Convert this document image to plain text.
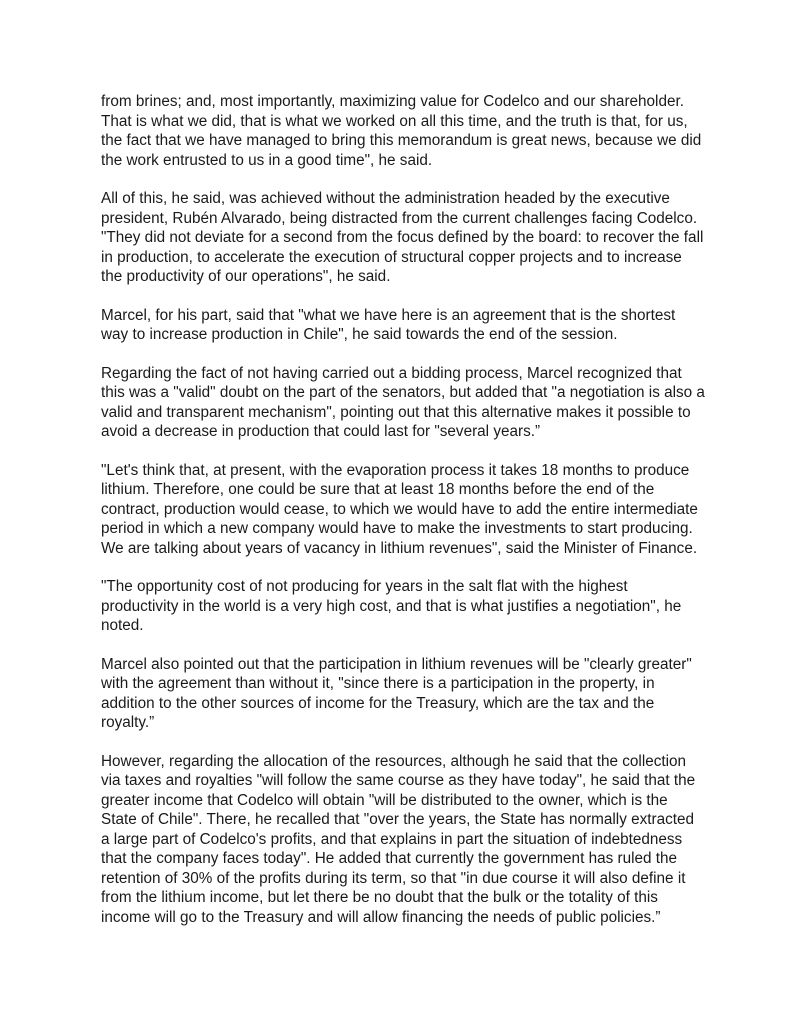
from brines; and, most importantly, maximizing value for Codelco and our shareholder. That is what we did, that is what we worked on all this time, and the truth is that, for us, the fact that we have managed to bring this memorandum is great news, because we did the work entrusted to us in a good time", he said.

All of this, he said, was achieved without the administration headed by the executive president, Rubén Alvarado, being distracted from the current challenges facing Codelco. "They did not deviate for a second from the focus defined by the board: to recover the fall in production, to accelerate the execution of structural copper projects and to increase the productivity of our operations", he said.

Marcel, for his part, said that "what we have here is an agreement that is the shortest way to increase production in Chile", he said towards the end of the session.

Regarding the fact of not having carried out a bidding process, Marcel recognized that this was a "valid" doubt on the part of the senators, but added that "a negotiation is also a valid and transparent mechanism", pointing out that this alternative makes it possible to avoid a decrease in production that could last for "several years.”

"Let's think that, at present, with the evaporation process it takes 18 months to produce lithium. Therefore, one could be sure that at least 18 months before the end of the contract, production would cease, to which we would have to add the entire intermediate period in which a new company would have to make the investments to start producing. We are talking about years of vacancy in lithium revenues", said the Minister of Finance.

"The opportunity cost of not producing for years in the salt flat with the highest productivity in the world is a very high cost, and that is what justifies a negotiation", he noted.

Marcel also pointed out that the participation in lithium revenues will be "clearly greater" with the agreement than without it, "since there is a participation in the property, in addition to the other sources of income for the Treasury, which are the tax and the royalty.”

However, regarding the allocation of the resources, although he said that the collection via taxes and royalties "will follow the same course as they have today", he said that the greater income that Codelco will obtain "will be distributed to the owner, which is the State of Chile". There, he recalled that "over the years, the State has normally extracted a large part of Codelco's profits, and that explains in part the situation of indebtedness that the company faces today". He added that currently the government has ruled the retention of 30% of the profits during its term, so that "in due course it will also define it from the lithium income, but let there be no doubt that the bulk or the totality of this income will go to the Treasury and will allow financing the needs of public policies.”
